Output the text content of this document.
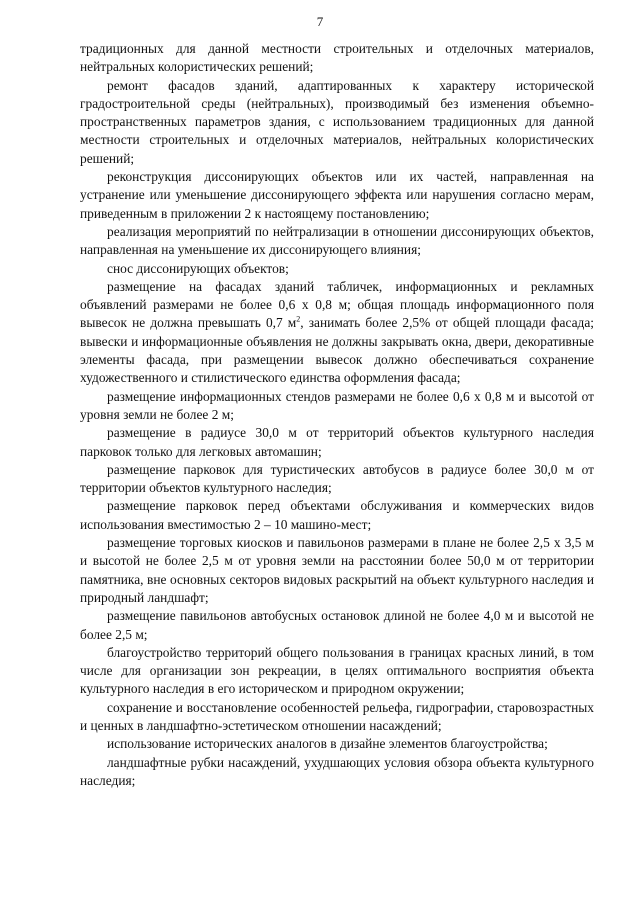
7

традиционных для данной местности строительных и отделочных материалов, нейтральных колористических решений;

ремонт фасадов зданий, адаптированных к характеру исторической градостроительной среды (нейтральных), производимый без изменения объемно-пространственных параметров здания, с использованием традиционных для данной местности строительных и отделочных материалов, нейтральных колористических решений;

реконструкция диссонирующих объектов или их частей, направленная на устранение или уменьшение диссонирующего эффекта или нарушения согласно мерам, приведенным в приложении 2 к настоящему постановлению;

реализация мероприятий по нейтрализации в отношении диссонирующих объектов, направленная на уменьшение их диссонирующего влияния;

снос диссонирующих объектов;

размещение на фасадах зданий табличек, информационных и рекламных объявлений размерами не более 0,6 x 0,8 м; общая площадь информационного поля вывесок не должна превышать 0,7 $м^2$, занимать более 2,5% от общей площади фасада; вывески и информационные объявления не должны закрывать окна, двери, декоративные элементы фасада, при размещении вывесок должно обеспечиваться сохранение художественного и стилистического единства оформления фасада;

размещение информационных стендов размерами не более 0,6 x 0,8 м и высотой от уровня земли не более 2 м;

размещение в радиусе 30,0 м от территорий объектов культурного наследия парковок только для легковых автомашин;

размещение парковок для туристических автобусов в радиусе более 30,0 м от территории объектов культурного наследия;

размещение парковок перед объектами обслуживания и коммерческих видов использования вместимостью 2 – 10 машино-мест;

размещение торговых киосков и павильонов размерами в плане не более 2,5 x 3,5 м и высотой не более 2,5 м от уровня земли на расстоянии более 50,0 м от территории памятника, вне основных секторов видовых раскрытий на объект культурного наследия и природный ландшафт;

размещение павильонов автобусных остановок длиной не более 4,0 м и высотой не более 2,5 м;

благоустройство территорий общего пользования в границах красных линий, в том числе для организации зон рекреации, в целях оптимального восприятия объекта культурного наследия в его историческом и природном окружении;

сохранение и восстановление особенностей рельефа, гидрографии, старовозрастных и ценных в ландшафтно-эстетическом отношении насаждений;

использование исторических аналогов в дизайне элементов благоустройства;

ландшафтные рубки насаждений, ухудшающих условия обзора объекта культурного наследия;
